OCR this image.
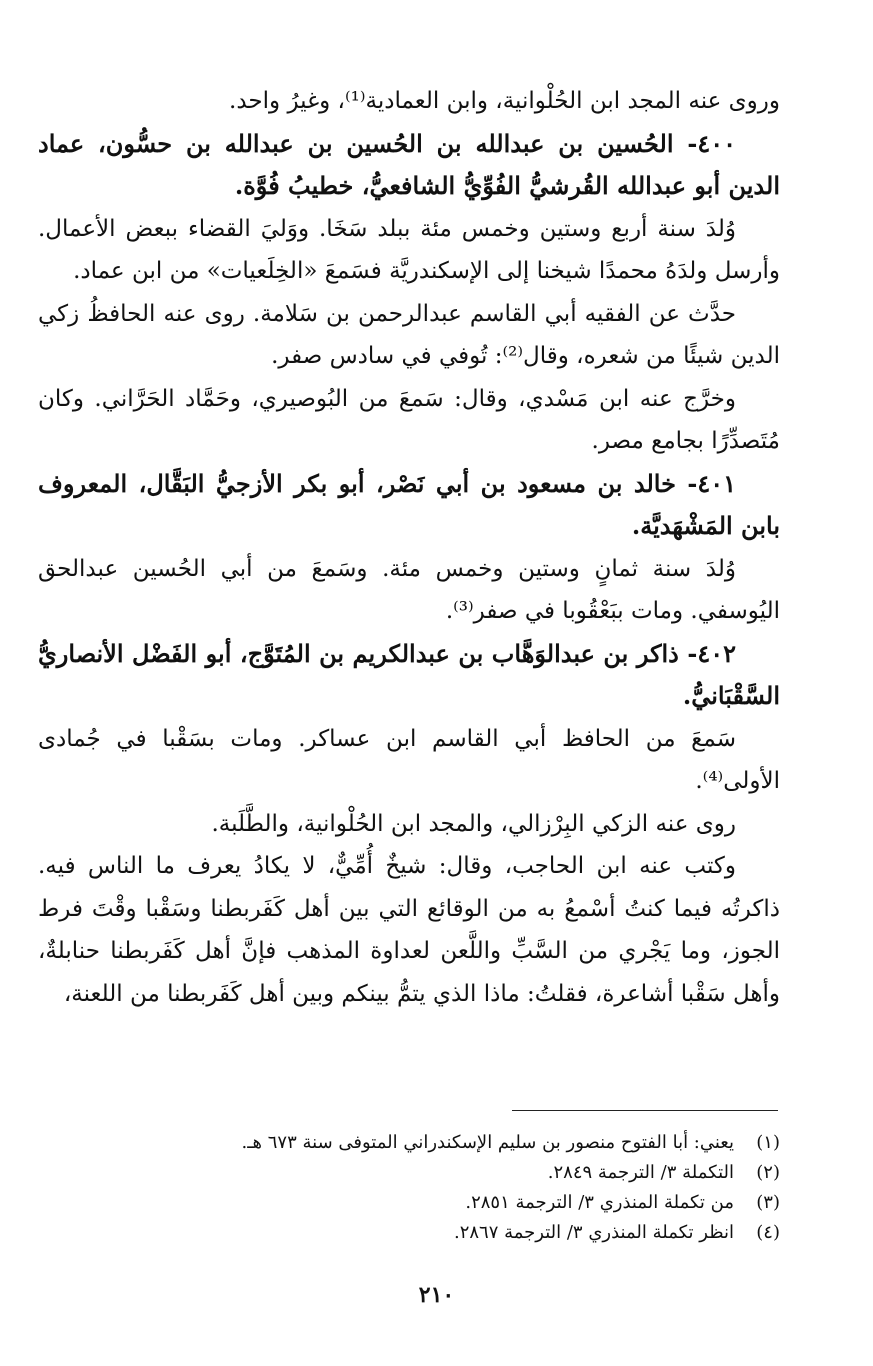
وروى عنه المجد ابن الحُلْوانية، وابن العمادية⁽¹⁾، وغيرُ واحد.

٤٠٠- الحُسين بن عبدالله بن الحُسين بن عبدالله بن حسُّون، عماد الدين أبو عبدالله القُرشيُّ الفُوِّيُّ الشافعيُّ، خطيبُ فُوَّة.

وُلدَ سنة أربع وستين وخمس مئة ببلد سَخَا. ووَليَ القضاء ببعض الأعمال. وأرسل ولدَهُ محمدًا شيخنا إلى الإسكندريَّة فسَمعَ «الخِلَعيات» من ابن عماد.

حدَّث عن الفقيه أبي القاسم عبدالرحمن بن سَلامة. روى عنه الحافظُ زكي الدين شيئًا من شعره، وقال⁽²⁾: تُوفي في سادس صفر.

وخرَّج عنه ابن مَسْدي، وقال: سَمعَ من البُوصيري، وحَمَّاد الحَرَّاني. وكان مُتَصدِّرًا بجامع مصر.

٤٠١- خالد بن مسعود بن أبي نَصْر، أبو بكر الأزجيُّ البَقَّال، المعروف بابن المَشْهَديَّة.

وُلدَ سنة ثمانٍ وستين وخمس مئة. وسَمعَ من أبي الحُسين عبدالحق اليُوسفي. ومات ببَعْقُوبا في صفر⁽³⁾.

٤٠٢- ذاكر بن عبدالوَهَّاب بن عبدالكريم بن المُتَوَّج، أبو الفَضْل الأنصاريُّ السَّقْبَانيُّ.

سَمعَ من الحافظ أبي القاسم ابن عساكر. ومات بسَقْبا في جُمادى الأولى⁽⁴⁾.

روى عنه الزكي البِرْزالي، والمجد ابن الحُلْوانية، والطَّلَبة.

وكتب عنه ابن الحاجب، وقال: شيخٌ أُمِّيٌّ، لا يكادُ يعرف ما الناس فيه. ذاكرتُه فيما كنتُ أسْمعُ به من الوقائع التي بين أهل كَفَربطنا وسَقْبا وقْتَ فرط الجوز، وما يَجْري من السَّبِّ واللَّعن لعداوة المذهب فإنَّ أهل كَفَربطنا حنابلةٌ، وأهل سَقْبا أشاعرة، فقلتُ: ماذا الذي يتمُّ بينكم وبين أهل كَفَربطنا من اللعنة،

(١)يعني: أبا الفتوح منصور بن سليم الإسكندراني المتوفى سنة ٦٧٣ هـ.

(٢)التكملة ٣/ الترجمة ٢٨٤٩.

(٣)من تكملة المنذري ٣/ الترجمة ٢٨٥١.

(٤)انظر تكملة المنذري ٣/ الترجمة ٢٨٦٧.

٢١٠
